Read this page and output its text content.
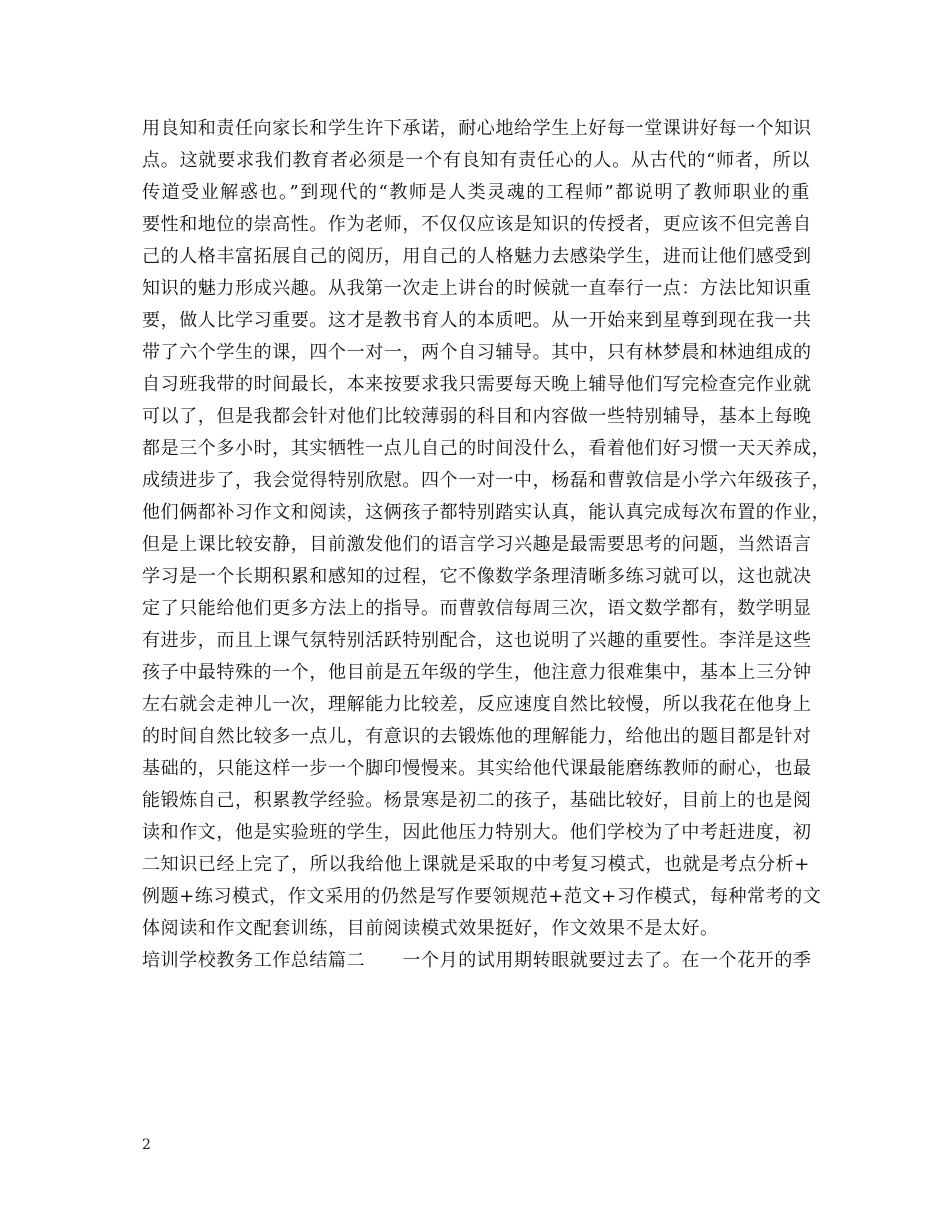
用良知和责任向家长和学生许下承诺，耐心地给学生上好每一堂课讲好每一个知识
点。这就要求我们教育者必须是一个有良知有责任心的人。从古代的“师者，所以
传道受业解惑也。”到现代的“教师是人类灵魂的工程师”都说明了教师职业的重
要性和地位的崇高性。作为老师，不仅仅应该是知识的传授者，更应该不但完善自
己的人格丰富拓展自己的阅历，用自己的人格魅力去感染学生，进而让他们感受到
知识的魅力形成兴趣。从我第一次走上讲台的时候就一直奉行一点：方法比知识重
要，做人比学习重要。这才是教书育人的本质吧。从一开始来到星尊到现在我一共
带了六个学生的课，四个一对一，两个自习辅导。其中，只有林梦晨和林迪组成的
自习班我带的时间最长，本来按要求我只需要每天晚上辅导他们写完检查完作业就
可以了，但是我都会针对他们比较薄弱的科目和内容做一些特别辅导，基本上每晚
都是三个多小时，其实牺牲一点儿自己的时间没什么，看着他们好习惯一天天养成，
成绩进步了，我会觉得特别欣慰。四个一对一中，杨磊和曹敦信是小学六年级孩子，
他们俩都补习作文和阅读，这俩孩子都特别踏实认真，能认真完成每次布置的作业，
但是上课比较安静，目前激发他们的语言学习兴趣是最需要思考的问题，当然语言
学习是一个长期积累和感知的过程，它不像数学条理清晰多练习就可以，这也就决
定了只能给他们更多方法上的指导。而曹敦信每周三次，语文数学都有，数学明显
有进步，而且上课气氛特别活跃特别配合，这也说明了兴趣的重要性。李洋是这些
孩子中最特殊的一个，他目前是五年级的学生，他注意力很难集中，基本上三分钟
左右就会走神儿一次，理解能力比较差，反应速度自然比较慢，所以我花在他身上
的时间自然比较多一点儿，有意识的去锻炼他的理解能力，给他出的题目都是针对
基础的，只能这样一步一个脚印慢慢来。其实给他代课最能磨练教师的耐心，也最
能锻炼自己，积累教学经验。杨景寒是初二的孩子，基础比较好，目前上的也是阅
读和作文，他是实验班的学生，因此他压力特别大。他们学校为了中考赶进度，初
二知识已经上完了，所以我给他上课就是采取的中考复习模式，也就是考点分析+
例题+练习模式，作文采用的仍然是写作要领规范+范文+习作模式，每种常考的文
体阅读和作文配套训练，目前阅读模式效果挺好，作文效果不是太好。
培训学校教务工作总结篇二　　一个月的试用期转眼就要过去了。在一个花开的季
2
